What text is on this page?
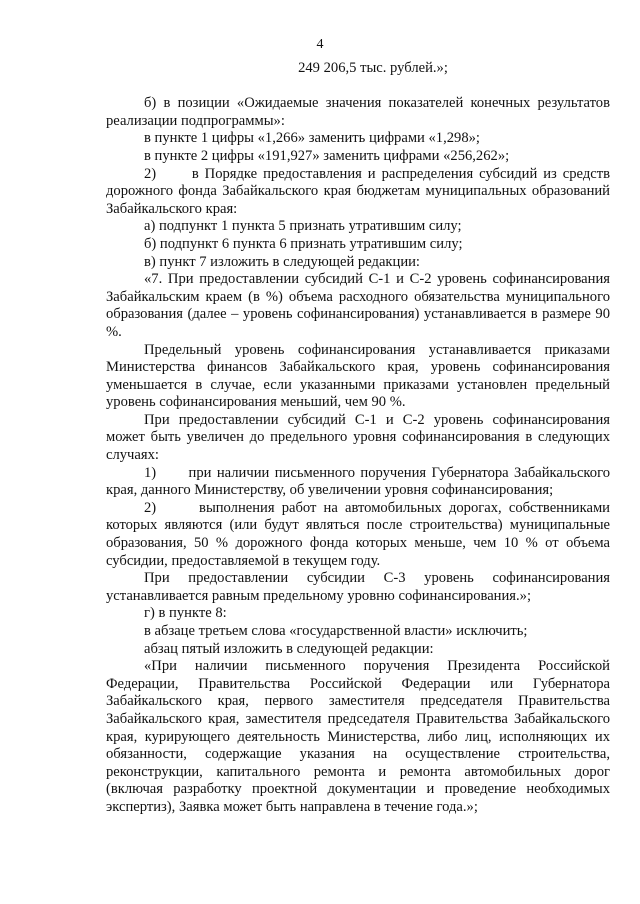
4

249 206,5 тыс. рублей.»;

б) в позиции «Ожидаемые значения показателей конечных результатов реализации подпрограммы»:

в пункте 1 цифры «1,266» заменить цифрами «1,298»;

в пункте 2 цифры «191,927» заменить цифрами «256,262»;

2)      в Порядке предоставления и распределения субсидий из средств дорожного фонда Забайкальского края бюджетам муниципальных образований Забайкальского края:

а) подпункт 1 пункта 5 признать утратившим силу;

б) подпункт 6 пункта 6 признать утратившим силу;

в) пункт 7 изложить в следующей редакции:

«7. При предоставлении субсидий С-1 и С-2 уровень софинансирования Забайкальским краем (в %) объема расходного обязательства муниципального образования (далее – уровень софинансирования) устанавливается в размере 90 %.

Предельный уровень софинансирования устанавливается приказами Министерства финансов Забайкальского края, уровень софинансирования уменьшается в случае, если указанными приказами установлен предельный уровень софинансирования меньший, чем 90 %.

При предоставлении субсидий С-1 и С-2 уровень софинансирования может быть увеличен до предельного уровня софинансирования в следующих случаях:

1)      при наличии письменного поручения Губернатора Забайкальского края, данного Министерству, об увеличении уровня софинансирования;

2)      выполнения работ на автомобильных дорогах, собственниками которых являются (или будут являться после строительства) муниципальные образования, 50 % дорожного фонда которых меньше, чем 10 % от объема субсидии, предоставляемой в текущем году.

При предоставлении субсидии С-3 уровень софинансирования устанавливается равным предельному уровню софинансирования.»;

г) в пункте 8:

в абзаце третьем слова «государственной власти» исключить;

абзац пятый изложить в следующей редакции:

«При наличии письменного поручения Президента Российской Федерации, Правительства Российской Федерации или Губернатора Забайкальского края, первого заместителя председателя Правительства Забайкальского края, заместителя председателя Правительства Забайкальского края, курирующего деятельность Министерства, либо лиц, исполняющих их обязанности, содержащие указания на осуществление строительства, реконструкции, капитального ремонта и ремонта автомобильных дорог (включая разработку проектной документации и проведение необходимых экспертиз), Заявка может быть направлена в течение года.»;
